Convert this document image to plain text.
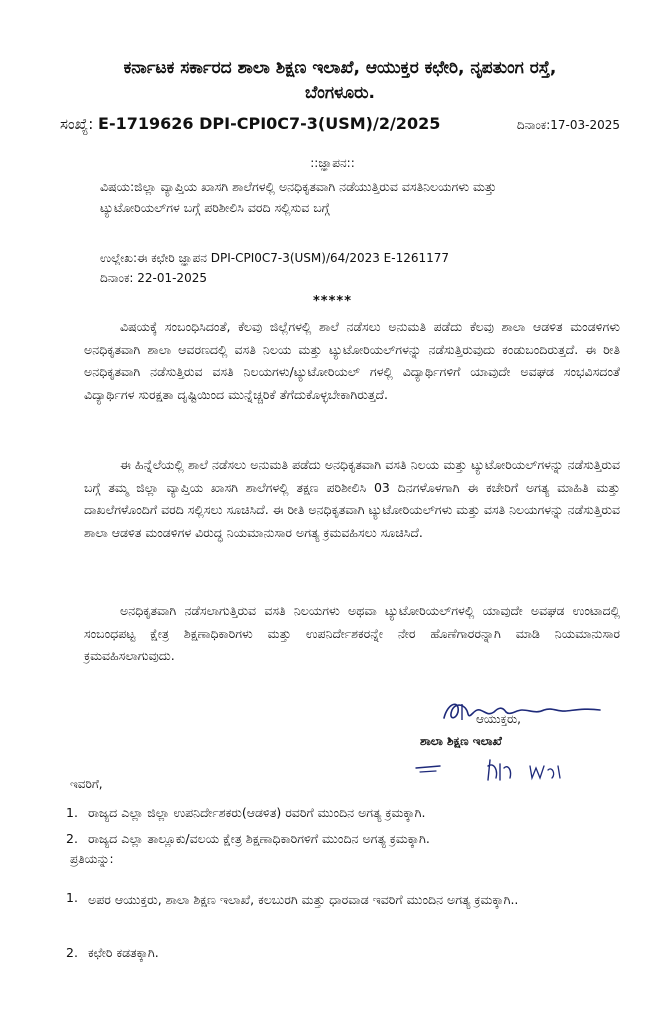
ಕರ್ನಾಟಕ ಸರ್ಕಾರದ ಶಾಲಾ ಶಿಕ್ಷಣ ಇಲಾಖೆ, ಆಯುಕ್ತರ ಕಛೇರಿ, ನೃಪತುಂಗ ರಸ್ತೆ,
ಬೆಂಗಳೂರು.
ಸಂಖ್ಯೆ: E-1719626 DPI-CPI0C7-3(USM)/2/2025	ದಿನಾಂಕ:17-03-2025
::ಜ್ಞಾಪನ::
ವಿಷಯ:ಜಿಲ್ಲಾ ವ್ಯಾಪ್ತಿಯ ಖಾಸಗಿ ಶಾಲೆಗಳಲ್ಲಿ ಅನಧಿಕೃತವಾಗಿ ನಡೆಯುತ್ತಿರುವ ವಸತಿನಿಲಯಗಳು ಮತ್ತು ಟ್ಯುಟೋರಿಯಲ್‌ಗಳ ಬಗ್ಗೆ ಪರಿಶೀಲಿಸಿ ವರದಿ ಸಲ್ಲಿಸುವ ಬಗ್ಗೆ
ಉಲ್ಲೇಖ:ಈ ಕಛೇರಿ ಜ್ಞಾಪನ DPI-CPI0C7-3(USM)/64/2023 E-1261177
ದಿನಾಂಕ: 22-01-2025
*****

ವಿಷಯಕ್ಕೆ ಸಂಬಂಧಿಸಿದಂತೆ, ಕೆಲವು ಜಿಲ್ಲೆಗಳಲ್ಲಿ ಶಾಲೆ ನಡೆಸಲು ಅನುಮತಿ ಪಡೆದು ಕೆಲವು ಶಾಲಾ ಆಡಳಿತ ಮಂಡಳಿಗಳು ಅನಧಿಕೃತವಾಗಿ ಶಾಲಾ ಆವರಣದಲ್ಲಿ ವಸತಿ ನಿಲಯ ಮತ್ತು ಟ್ಯುಟೋರಿಯಲ್‌ಗಳನ್ನು ನಡೆಸುತ್ತಿರುವುದು ಕಂಡುಬಂದಿರುತ್ತದೆ. ಈ ರೀತಿ ಅನಧಿಕೃತವಾಗಿ ನಡೆಸುತ್ತಿರುವ ವಸತಿ ನಿಲಯಗಳು/ಟ್ಯುಟೋರಿಯಲ್ ಗಳಲ್ಲಿ ವಿದ್ಯಾರ್ಥಿಗಳಿಗೆ ಯಾವುದೇ ಅವಘಡ ಸಂಭವಿಸದಂತೆ ವಿದ್ಯಾರ್ಥಿಗಳ ಸುರಕ್ಷತಾ ದೃಷ್ಟಿಯಿಂದ ಮುನ್ನೆಚ್ಚರಿಕೆ ತೆಗೆದುಕೊಳ್ಳಬೇಕಾಗಿರುತ್ತದೆ.

ಈ ಹಿನ್ನೆಲೆಯಲ್ಲಿ ಶಾಲೆ ನಡೆಸಲು ಅನುಮತಿ ಪಡೆದು ಅನಧಿಕೃತವಾಗಿ ವಸತಿ ನಿಲಯ ಮತ್ತು ಟ್ಯುಟೋರಿಯಲ್‌ಗಳನ್ನು ನಡೆಸುತ್ತಿರುವ ಬಗ್ಗೆ ತಮ್ಮ ಜಿಲ್ಲಾ ವ್ಯಾಪ್ತಿಯ ಖಾಸಗಿ ಶಾಲೆಗಳಲ್ಲಿ ತಕ್ಷಣ ಪರಿಶೀಲಿಸಿ 03 ದಿನಗಳೊಳಗಾಗಿ ಈ ಕಚೇರಿಗೆ ಅಗತ್ಯ ಮಾಹಿತಿ ಮತ್ತು ದಾಖಲೆಗಳೊಂದಿಗೆ ವರದಿ ಸಲ್ಲಿಸಲು ಸೂಚಿಸಿದೆ. ಈ ರೀತಿ ಅನಧಿಕೃತವಾಗಿ ಟ್ಯುಟೋರಿಯಲ್‌ಗಳು ಮತ್ತು ವಸತಿ ನಿಲಯಗಳನ್ನು ನಡೆಸುತ್ತಿರುವ ಶಾಲಾ ಆಡಳಿತ ಮಂಡಳಿಗಳ ವಿರುದ್ಧ ನಿಯಮಾನುಸಾರ ಅಗತ್ಯ ಕ್ರಮವಹಿಸಲು ಸೂಚಿಸಿದೆ.

ಅನಧಿಕೃತವಾಗಿ ನಡೆಸಲಾಗುತ್ತಿರುವ ವಸತಿ ನಿಲಯಗಳು ಅಥವಾ ಟ್ಯುಟೋರಿಯಲ್‌ಗಳಲ್ಲಿ ಯಾವುದೇ ಅವಘಡ ಉಂಟಾದಲ್ಲಿ ಸಂಬಂಧಪಟ್ಟ ಕ್ಷೇತ್ರ ಶಿಕ್ಷಣಾಧಿಕಾರಿಗಳು ಮತ್ತು ಉಪನಿರ್ದೇಶಕರನ್ನೇ ನೇರ ಹೊಣೆಗಾರರನ್ನಾಗಿ ಮಾಡಿ ನಿಯಮಾನುಸಾರ ಕ್ರಮವಹಿಸಲಾಗುವುದು.

ಆಯುಕ್ತರು,
ಶಾಲಾ ಶಿಕ್ಷಣ ಇಲಾಖೆ
ಇವರಿಗೆ,
1. ರಾಜ್ಯದ ಎಲ್ಲಾ ಜಿಲ್ಲಾ ಉಪನಿರ್ದೇಶಕರು(ಆಡಳಿತ) ರವರಿಗೆ ಮುಂದಿನ ಅಗತ್ಯ ಕ್ರಮಕ್ಕಾಗಿ.
2. ರಾಜ್ಯದ ಎಲ್ಲಾ ತಾಲ್ಲೂಕು/ವಲಯ ಕ್ಷೇತ್ರ ಶಿಕ್ಷಣಾಧಿಕಾರಿಗಳಿಗೆ ಮುಂದಿನ ಅಗತ್ಯ ಕ್ರಮಕ್ಕಾಗಿ.
ಪ್ರತಿಯನ್ನು:
1. ಅಪರ ಆಯುಕ್ತರು, ಶಾಲಾ ಶಿಕ್ಷಣ ಇಲಾಖೆ, ಕಲಬುರಗಿ ಮತ್ತು ಧಾರವಾಡ ಇವರಿಗೆ ಮುಂದಿನ ಅಗತ್ಯ ಕ್ರಮಕ್ಕಾಗಿ..
2. ಕಛೇರಿ ಕಡತಕ್ಕಾಗಿ.
